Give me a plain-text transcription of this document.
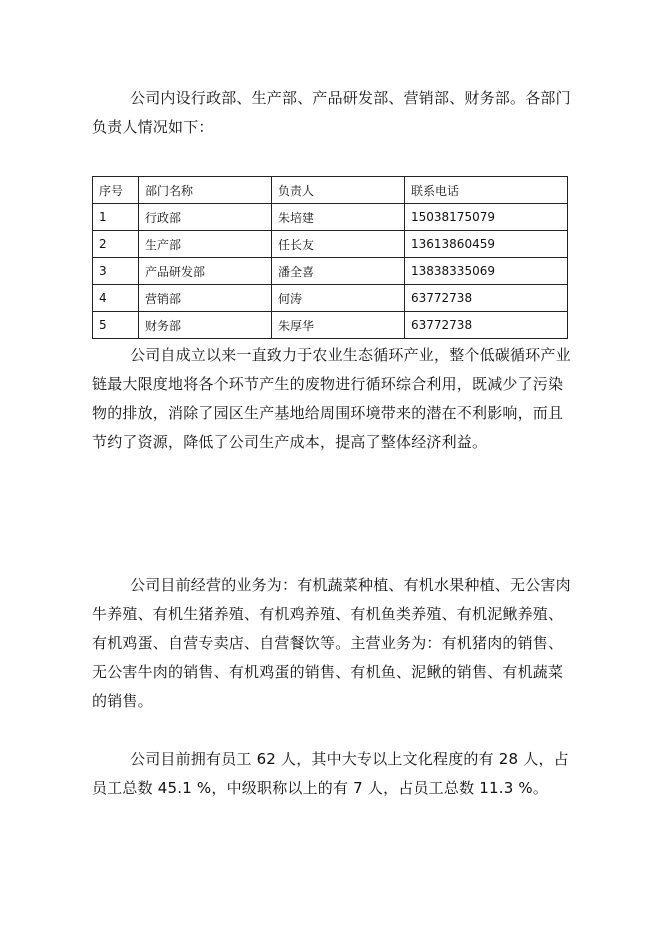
公司内设行政部、生产部、产品研发部、营销部、财务部。各部门负责人情况如下：

序号	部门名称	负责人	联系电话
1	行政部	朱培建	15038175079
2	生产部	任长友	13613860459
3	产品研发部	潘全喜	13838335069
4	营销部	何涛	63772738
5	财务部	朱厚华	63772738

公司自成立以来一直致力于农业生态循环产业，整个低碳循环产业链最大限度地将各个环节产生的废物进行循环综合利用，既减少了污染物的排放，消除了园区生产基地给周围环境带来的潜在不利影响，而且节约了资源，降低了公司生产成本，提高了整体经济利益。

公司目前经营的业务为：有机蔬菜种植、有机水果种植、无公害肉牛养殖、有机生猪养殖、有机鸡养殖、有机鱼类养殖、有机泥鳅养殖、有机鸡蛋、自营专卖店、自营餐饮等。主营业务为：有机猪肉的销售、无公害牛肉的销售、有机鸡蛋的销售、有机鱼、泥鳅的销售、有机蔬菜的销售。

公司目前拥有员工 62 人，其中大专以上文化程度的有 28 人，占员工总数 45.1 %，中级职称以上的有 7 人，占员工总数 11.3 %。
